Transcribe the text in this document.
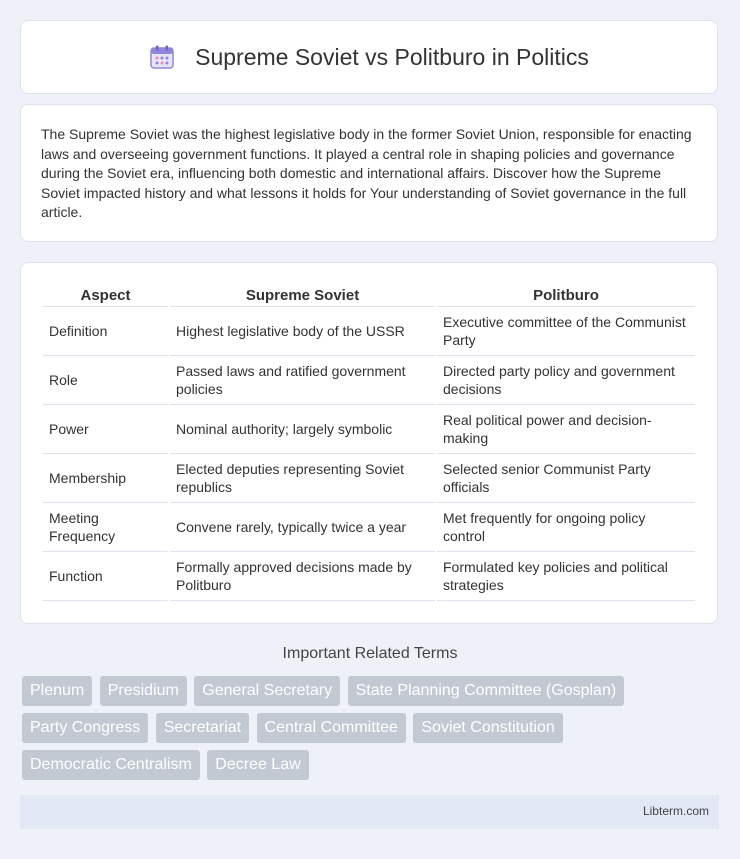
Supreme Soviet vs Politburo in Politics
The Supreme Soviet was the highest legislative body in the former Soviet Union, responsible for enacting laws and overseeing government functions. It played a central role in shaping policies and governance during the Soviet era, influencing both domestic and international affairs. Discover how the Supreme Soviet impacted history and what lessons it holds for Your understanding of Soviet governance in the full article.
Aspect	Supreme Soviet	Politburo
Definition	Highest legislative body of the USSR	Executive committee of the Communist Party
Role	Passed laws and ratified government policies	Directed party policy and government decisions
Power	Nominal authority; largely symbolic	Real political power and decision-making
Membership	Elected deputies representing Soviet republics	Selected senior Communist Party officials
Meeting Frequency	Convene rarely, typically twice a year	Met frequently for ongoing policy control
Function	Formally approved decisions made by Politburo	Formulated key policies and political strategies
Important Related Terms
Plenum Presidium General Secretary State Planning Committee (Gosplan) Party Congress Secretariat Central Committee Soviet Constitution Democratic Centralism Decree Law
Libterm.com
